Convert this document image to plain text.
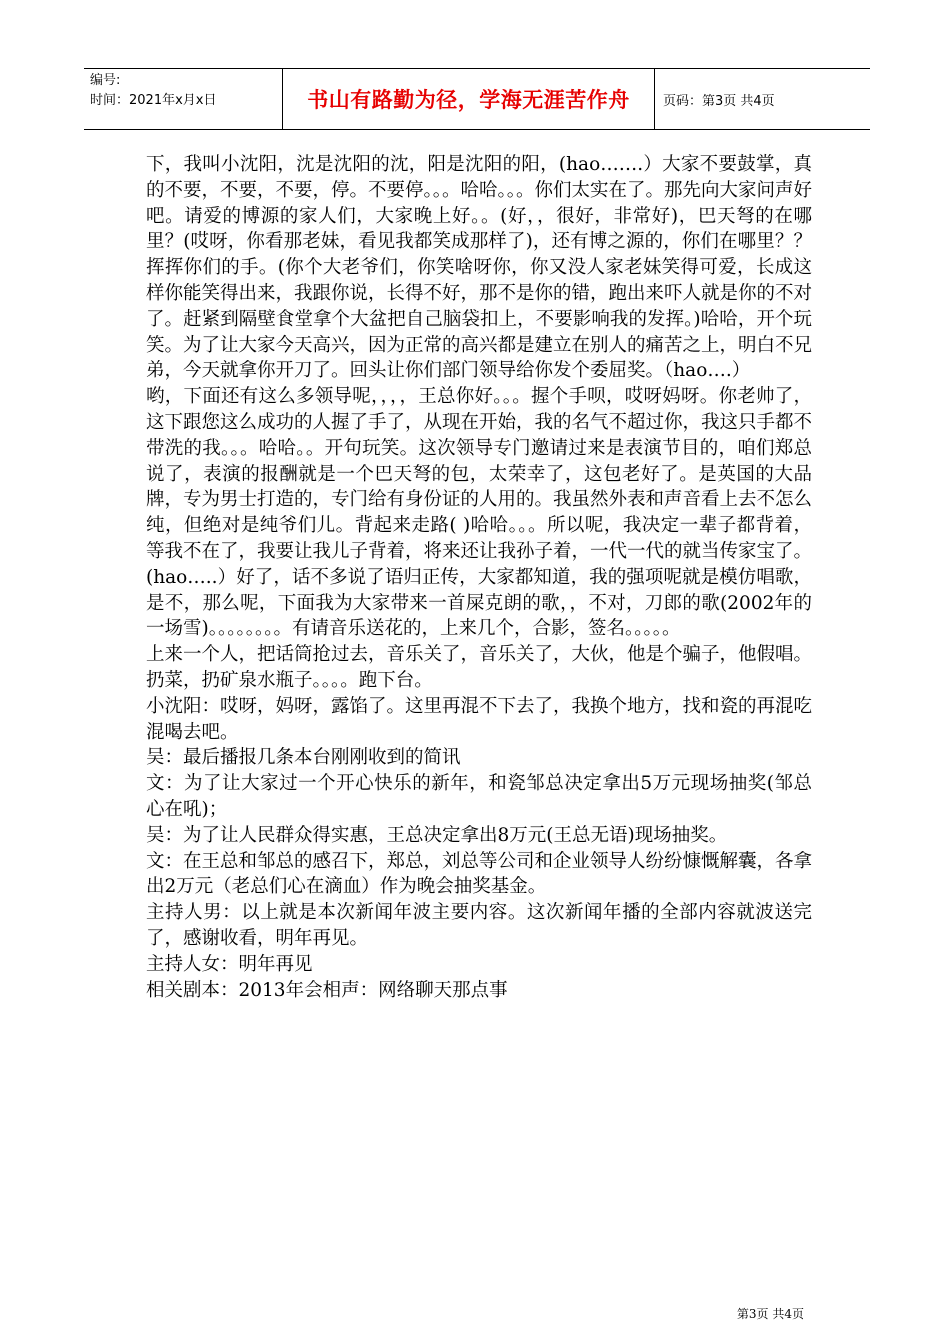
编号:
时间：2021年x月x日	书山有路勤为径，学海无涯苦作舟	页码：第3页 共4页

下，我叫小沈阳，沈是沈阳的沈，阳是沈阳的阳，(hao…….）大家不要鼓掌，真的不要，不要，不要，停。不要停。。。哈哈。。。你们太实在了。那先向大家问声好吧。请爱的博源的家人们，大家晚上好。。(好，，很好，非常好)，巴天弩的在哪里？(哎呀，你看那老妹，看见我都笑成那样了)，还有博之源的，你们在哪里？？挥挥你们的手。(你个大老爷们，你笑啥呀你，你又没人家老妹笑得可爱，长成这样你能笑得出来，我跟你说，长得不好，那不是你的错，跑出来吓人就是你的不对了。赶紧到隔壁食堂拿个大盆把自己脑袋扣上，不要影响我的发挥。)哈哈，开个玩笑。为了让大家今天高兴，因为正常的高兴都是建立在别人的痛苦之上，明白不兄弟，今天就拿你开刀了。回头让你们部门领导给你发个委屈奖。（hao….）

哟，下面还有这么多领导呢，，，，王总你好。。。握个手呗，哎呀妈呀。你老帅了，这下跟您这么成功的人握了手了，从现在开始，我的名气不超过你，我这只手都不带洗的我。。。哈哈。。开句玩笑。这次领导专门邀请过来是表演节目的，咱们郑总说了，表演的报酬就是一个巴天弩的包，太荣幸了，这包老好了。是英国的大品牌，专为男士打造的，专门给有身份证的人用的。我虽然外表和声音看上去不怎么纯，但绝对是纯爷们儿。背起来走路( )哈哈。。。所以呢，我决定一辈子都背着，等我不在了，我要让我儿子背着，将来还让我孙子着，一代一代的就当传家宝了。(hao…..）好了，话不多说了语归正传，大家都知道，我的强项呢就是模仿唱歌，是不，那么呢，下面我为大家带来一首屎克朗的歌，，不对，刀郎的歌(2002年的一场雪)。。。。。。。。有请音乐送花的，上来几个，合影，签名。。。。。

上来一个人，把话筒抢过去，音乐关了，音乐关了，大伙，他是个骗子，他假唱。扔菜，扔矿泉水瓶子。。。。跑下台。

小沈阳：哎呀，妈呀，露馅了。这里再混不下去了，我换个地方，找和瓷的再混吃混喝去吧。

吴：最后播报几条本台刚刚收到的简讯

文：为了让大家过一个开心快乐的新年，和瓷邹总决定拿出5万元现场抽奖(邹总心在吼)；

吴：为了让人民群众得实惠，王总决定拿出8万元(王总无语)现场抽奖。

文：在王总和邹总的感召下，郑总，刘总等公司和企业领导人纷纷慷慨解囊，各拿出2万元（老总们心在滴血）作为晚会抽奖基金。

主持人男：以上就是本次新闻年波主要内容。这次新闻年播的全部内容就波送完了，感谢收看，明年再见。

主持人女：明年再见

相关剧本：2013年会相声：网络聊天那点事

第3页 共4页
